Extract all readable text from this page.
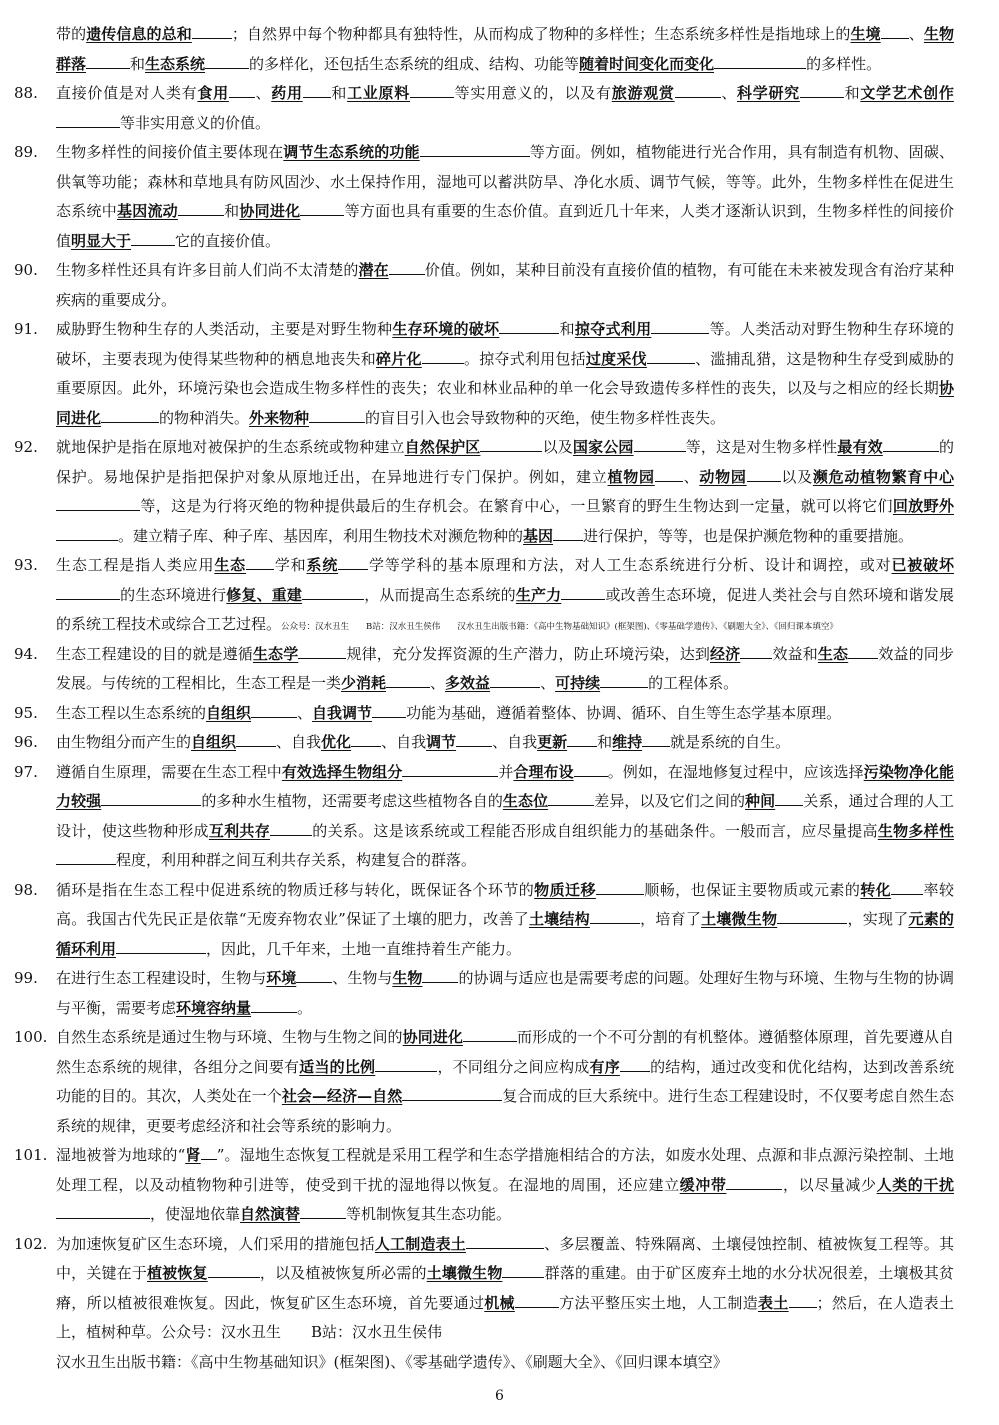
带的遗传信息的总和	；自然界中每个物种都具有独特性，从而构成了物种的多样性；生态系统多样性是指地球上的生境 、生物群落	和生态系统	的多样化，还包括生态系统的组成、结构、功能等随着时间变化而变化	的多样性。
88.	直接价值是对人类有食用 、药用 和工业原料	等实用意义的，以及有旅游观赏	、科学研究	和文学艺术创作等非实用意义的价值。
89.	生物多样性的间接价值主要体现在调节生态系统的功能	等方面。例如，植物能进行光合作用，具有制造有机物、固碳、供氧等功能；森林和草地具有防风固沙、水土保持作用，湿地可以蓄洪防旱、净化水质、调节气候，等等。此外，生物多样性在促进生态系统中基因流动	和协同进化	等方面也具有重要的生态价值。直到近几十年来，人类才逐渐认识到，生物多样性的间接价值明显大于	它的直接价值。
90.	生物多样性还具有许多目前人们尚不太清楚的潜在 价值。例如，某种目前没有直接价值的植物，有可能在未来被发现含有治疗某种疾病的重要成分。
91.	威胁野生物种生存的人类活动，主要是对野生物种生存环境的破坏	和掠夺式利用	等。人类活动对野生物种生存环境的破坏，主要表现为使得某些物种的栖息地丧失和碎片化	。掠夺式利用包括过度采伐	、滥捕乱猎，这是物种生存受到威胁的重要原因。此外，环境污染也会造成生物多样性的丧失；农业和林业品种的单一化会导致遗传多样性的丧失，以及与之相应的经长期协同进化	的物种消失。外来物种	的盲目引入也会导致物种的灭绝，使生物多样性丧失。
92.	就地保护是指在原地对被保护的生态系统或物种建立自然保护区	以及国家公园	等，这是对生物多样性最有效	的保护。易地保护是指把保护对象从原地迁出，在异地进行专门保护。例如，建立植物园 、动物园 以及濒危动植物繁育中心等，这是为行将灭绝的物种提供最后的生存机会。在繁育中心，一旦繁育的野生生物达到一定量，就可以将它们回放野外。建立精子库、种子库、基因库，利用生物技术对濒危物种的基因 进行保护，等等，也是保护濒危物种的重要措施。
93.	生态工程是指人类应用生态 学和系统 学等学科的基本原理和方法，对人工生态系统进行分析、设计和调控，或对已被破坏的生态环境进行修复、重建	，从而提高生态系统的生产力	或改善生态环境，促进人类社会与自然环境和谐发展的系统工程技术或综合工艺过程。公众号：汉水丑生　　B站：汉水丑生侯伟　　汉水丑生出版书籍：《高中生物基础知识》(框架图)、《零基础学遗传》、《刷题大全》、《回归课本填空》
94.	生态工程建设的目的就是遵循生态学	规律，充分发挥资源的生产潜力，防止环境污染，达到经济 效益和生态 效益的同步发展。与传统的工程相比，生态工程是一类少消耗	、多效益	、可持续	的工程体系。
95.	生态工程以生态系统的自组织	、自我调节 功能为基础，遵循着整体、协调、循环、自生等生态学基本原理。
96.	由生物组分而产生的自组织	、自我优化 、自我调节 、自我更新 和维持 就是系统的自生。
97.	遵循自生原理，需要在生态工程中有效选择生物组分	并合理布设 。例如，在湿地修复过程中，应该选择污染物净化能力较强	的多种水生植物，还需要考虑这些植物各自的生态位	差异，以及它们之间的种间 关系，通过合理的人工设计，使这些物种形成互利共存	的关系。这是该系统或工程能否形成自组织能力的基础条件。一般而言，应尽量提高生物多样性程度，利用种群之间互利共存关系，构建复合的群落。
98.	循环是指在生态工程中促进系统的物质迁移与转化，既保证各个环节的物质迁移	顺畅，也保证主要物质或元素的转化 率较高。我国古代先民正是依靠“无废弃物农业”保证了土壤的肥力，改善了土壤结构	，培育了土壤微生物	，实现了元素的循环利用	，因此，几千年来，土地一直维持着生产能力。
99.	在进行生态工程建设时，生物与环境 、生物与生物 的协调与适应也是需要考虑的问题。处理好生物与环境、生物与生物的协调与平衡，需要考虑环境容纳量	。
100. 自然生态系统是通过生物与环境、生物与生物之间的协同进化	而形成的一个不可分割的有机整体。遵循整体原理，首先要遵从自然生态系统的规律，各组分之间要有适当的比例	，不同组分之间应构成有序 的结构，通过改变和优化结构，达到改善系统功能的目的。其次，人类处在一个社会—经济—自然	复合而成的巨大系统中。进行生态工程建设时，不仅要考虑自然生态系统的规律，更要考虑经济和社会等系统的影响力。
101. 湿地被誉为地球的“肾 ”。湿地生态恢复工程就是采用工程学和生态学措施相结合的方法，如废水处理、点源和非点源污染控制、土地处理工程，以及动植物物种引进等，使受到干扰的湿地得以恢复。在湿地的周围，还应建立缓冲带	，以尽量减少人类的干扰，使湿地依靠自然演替	等机制恢复其生态功能。
102. 为加速恢复矿区生态环境，人们采用的措施包括人工制造表土	、多层覆盖、特殊隔离、土壤侵蚀控制、植被恢复工程等。其中，关键在于植被恢复	，以及植被恢复所必需的土壤微生物	群落的重建。由于矿区废弃土地的水分状况很差，土壤极其贫瘠，所以植被很难恢复。因此，恢复矿区生态环境，首先要通过机械	方法平整压实土地，人工制造表土 ；然后，在人造表土上，植树种草。公众号：汉水丑生　　B站：汉水丑生侯伟
汉水丑生出版书籍：《高中生物基础知识》(框架图)、《零基础学遗传》、《刷题大全》、《回归课本填空》
6
